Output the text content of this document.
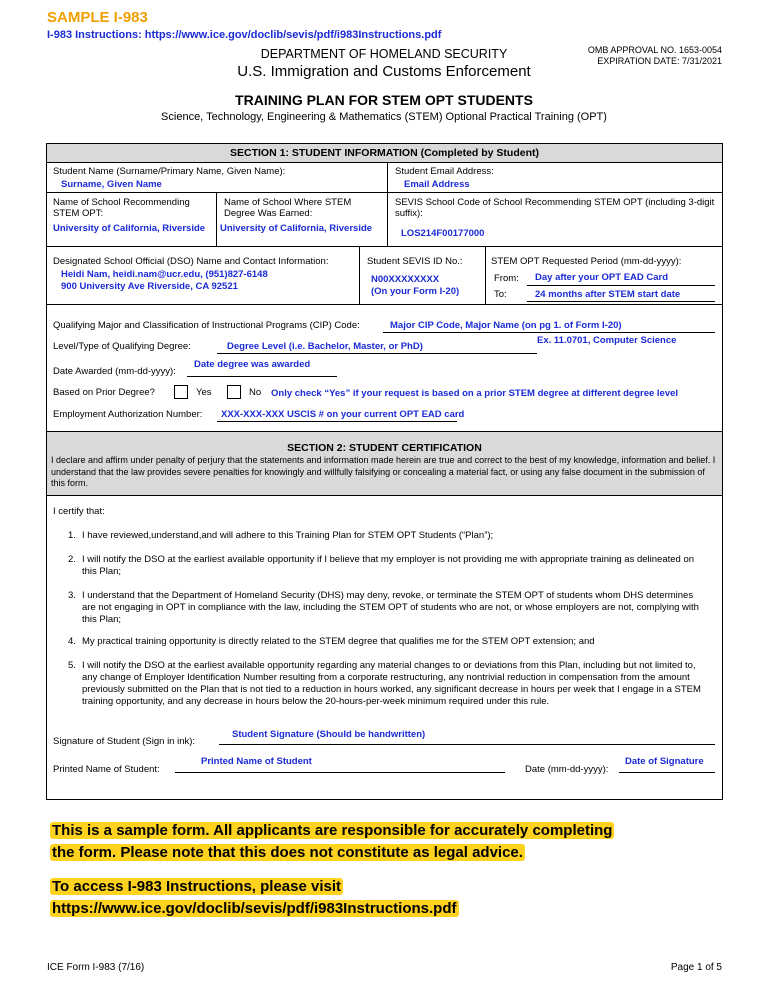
SAMPLE I-983
I-983 Instructions: https://www.ice.gov/doclib/sevis/pdf/i983Instructions.pdf
DEPARTMENT OF HOMELAND SECURITY
U.S. Immigration and Customs Enforcement
OMB APPROVAL NO. 1653-0054
EXPIRATION DATE: 7/31/2021
TRAINING PLAN FOR STEM OPT STUDENTS
Science, Technology, Engineering & Mathematics (STEM) Optional Practical Training (OPT)
SECTION 1: STUDENT INFORMATION (Completed by Student)
Student Name (Surname/Primary Name, Given Name):
Surname, Given Name
Student Email Address:
Email Address
Name of School Recommending STEM OPT:
University of California, Riverside
Name of School Where STEM Degree Was Earned:
University of California, Riverside
SEVIS School Code of School Recommending STEM OPT (including 3-digit suffix):
LOS214F00177000
Designated School Official (DSO) Name and Contact Information:
Heidi Nam, heidi.nam@ucr.edu, (951)827-6148
900 University Ave Riverside, CA 92521
Student SEVIS ID No.:
N00XXXXXXXX
(On your Form I-20)
STEM OPT Requested Period (mm-dd-yyyy):
From: Day after your OPT EAD Card
To:	24 months after STEM start date
Qualifying Major and Classification of Instructional Programs (CIP) Code:	Major CIP Code, Major Name (on pg 1. of Form I-20)
Ex. 11.0701, Computer Science
Level/Type of Qualifying Degree:	Degree Level (i.e. Bachelor, Master, or PhD)
Date Awarded (mm-dd-yyyy):
Date degree was awarded
Based on Prior Degree?	Yes	No Only check “Yes” if your request is based on a prior STEM degree at different degree level
Employment Authorization Number: XXX-XXX-XXX USCIS # on your current OPT EAD card
SECTION 2: STUDENT CERTIFICATION
I declare and affirm under penalty of perjury that the statements and information made herein are true and correct to the best of my knowledge, information and belief. I understand that the law provides severe penalties for knowingly and willfully falsifying or concealing a material fact, or using any false document in the submission of this form.
I certify that:
1. I have reviewed,understand,and will adhere to this Training Plan for STEM OPT Students (“Plan”);
2. I will notify the DSO at the earliest available opportunity if I believe that my employer is not providing me with appropriate training as delineated on this Plan;
3. I understand that the Department of Homeland Security (DHS) may deny, revoke, or terminate the STEM OPT of students whom DHS determines are not engaging in OPT in compliance with the law, including the STEM OPT of students who are not, or whose employers are not, complying with this Plan;
4. My practical training opportunity is directly related to the STEM degree that qualifies me for the STEM OPT extension; and
5. I will notify the DSO at the earliest available opportunity regarding any material changes to or deviations from this Plan, including but not limited to, any change of Employer Identification Number resulting from a corporate restructuring, any nontrivial reduction in compensation from the amount previously submitted on the Plan that is not tied to a reduction in hours worked, any significant decrease in hours per week that I engage in a STEM training opportunity, and any decrease in hours below the 20-hours-per-week minimum required under this rule.
Signature of Student (Sign in ink):
Student Signature (Should be handwritten)
Printed Name of Student:
Printed Name of Student
Date (mm-dd-yyyy):
Date of Signature
This is a sample form. All applicants are responsible for accurately completing
the form. Please note that this does not constitute as legal advice.
To access I-983 Instructions, please visit
https://www.ice.gov/doclib/sevis/pdf/i983Instructions.pdf
ICE Form I-983 (7/16)	Page 1 of 5
